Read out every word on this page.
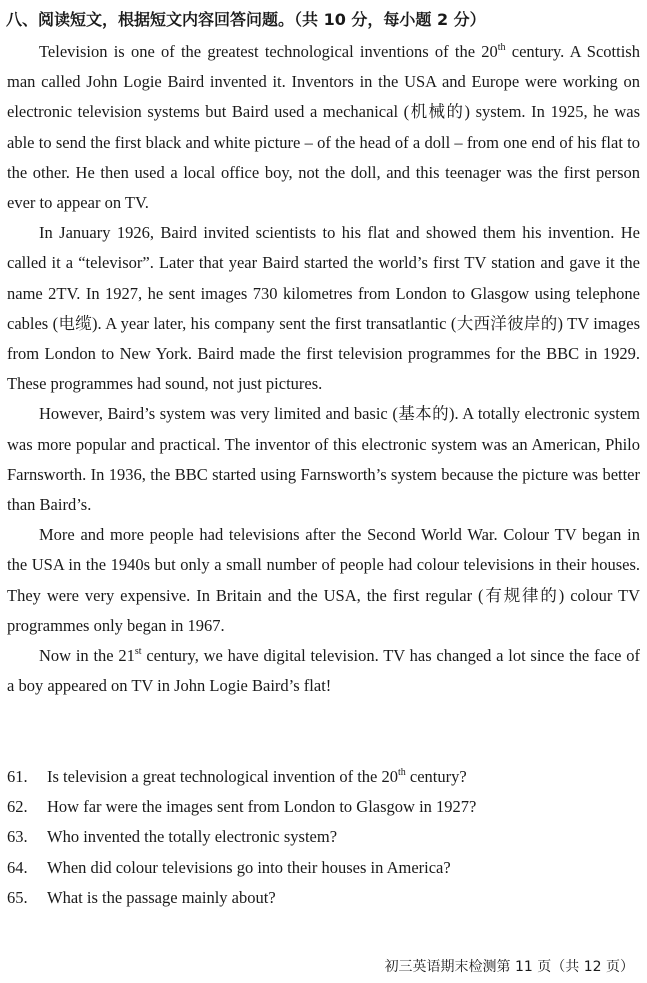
八、阅读短文，根据短文内容回答问题。（共 10 分，每小题 2 分）

Television is one of the greatest technological inventions of the 20th century. A Scottish man called John Logie Baird invented it. Inventors in the USA and Europe were working on electronic television systems but Baird used a mechanical (机械的) system. In 1925, he was able to send the first black and white picture – of the head of a doll – from one end of his flat to the other. He then used a local office boy, not the doll, and this teenager was the first person ever to appear on TV.

In January 1926, Baird invited scientists to his flat and showed them his invention. He called it a “televisor”. Later that year Baird started the world’s first TV station and gave it the name 2TV. In 1927, he sent images 730 kilometres from London to Glasgow using telephone cables (电缆). A year later, his company sent the first transatlantic (大西洋彼岸的) TV images from London to New York. Baird made the first television programmes for the BBC in 1929. These programmes had sound, not just pictures.

However, Baird’s system was very limited and basic (基本的). A totally electronic system was more popular and practical. The inventor of this electronic system was an American, Philo Farnsworth. In 1936, the BBC started using Farnsworth’s system because the picture was better than Baird’s.

More and more people had televisions after the Second World War. Colour TV began in the USA in the 1940s but only a small number of people had colour televisions in their houses. They were very expensive. In Britain and the USA, the first regular (有规律的) colour TV programmes only began in 1967.

Now in the 21st century, we have digital television. TV has changed a lot since the face of a boy appeared on TV in John Logie Baird’s flat!

61.	Is television a great technological invention of the 20th century?
62.	How far were the images sent from London to Glasgow in 1927?
63.	Who invented the totally electronic system?
64.	When did colour televisions go into their houses in America?
65.	What is the passage mainly about?
初三英语期末检测第 11 页（共 12 页）
